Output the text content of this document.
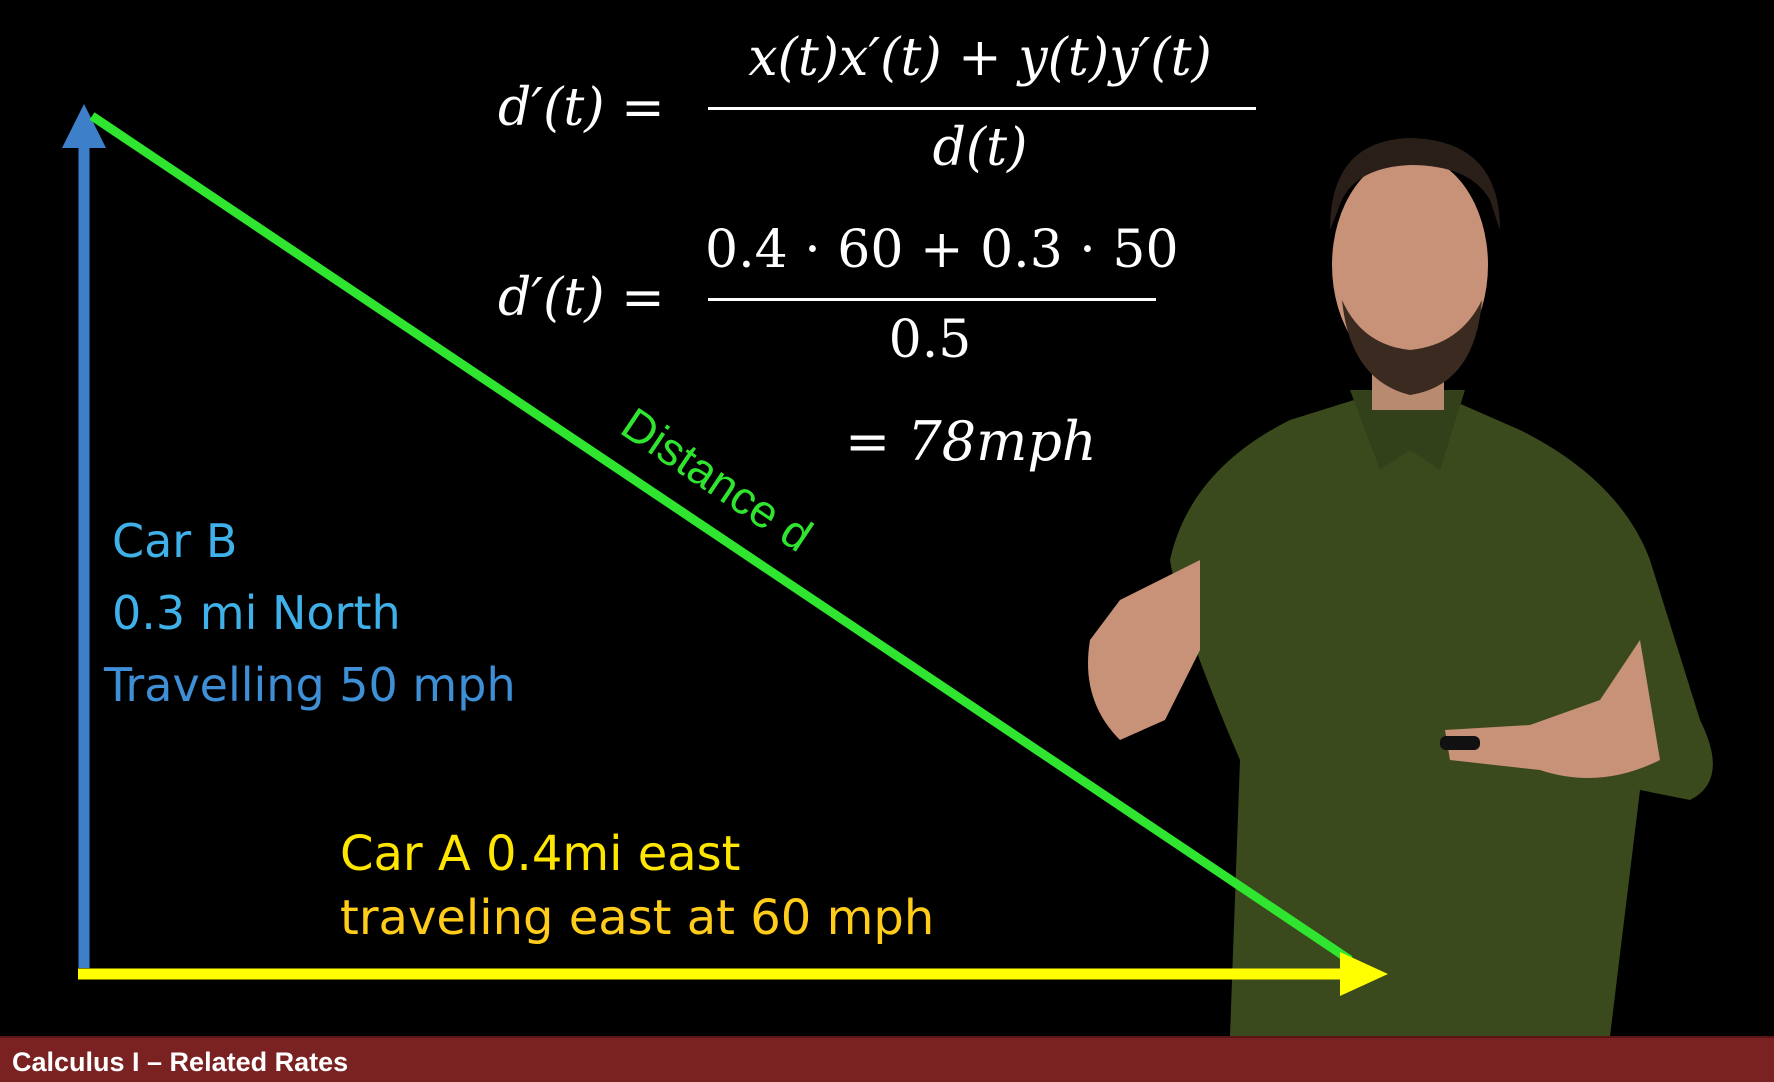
Distance d
d′(t) =
x(t)x′(t) + y(t)y′(t)
d(t)
d′(t) =
0.4 · 60 + 0.3 · 50
0.5
= 78mph
Car B
0.3 mi North
Travelling 50 mph
Car A 0.4mi east
traveling east at 60 mph
Calculus I – Related Rates
